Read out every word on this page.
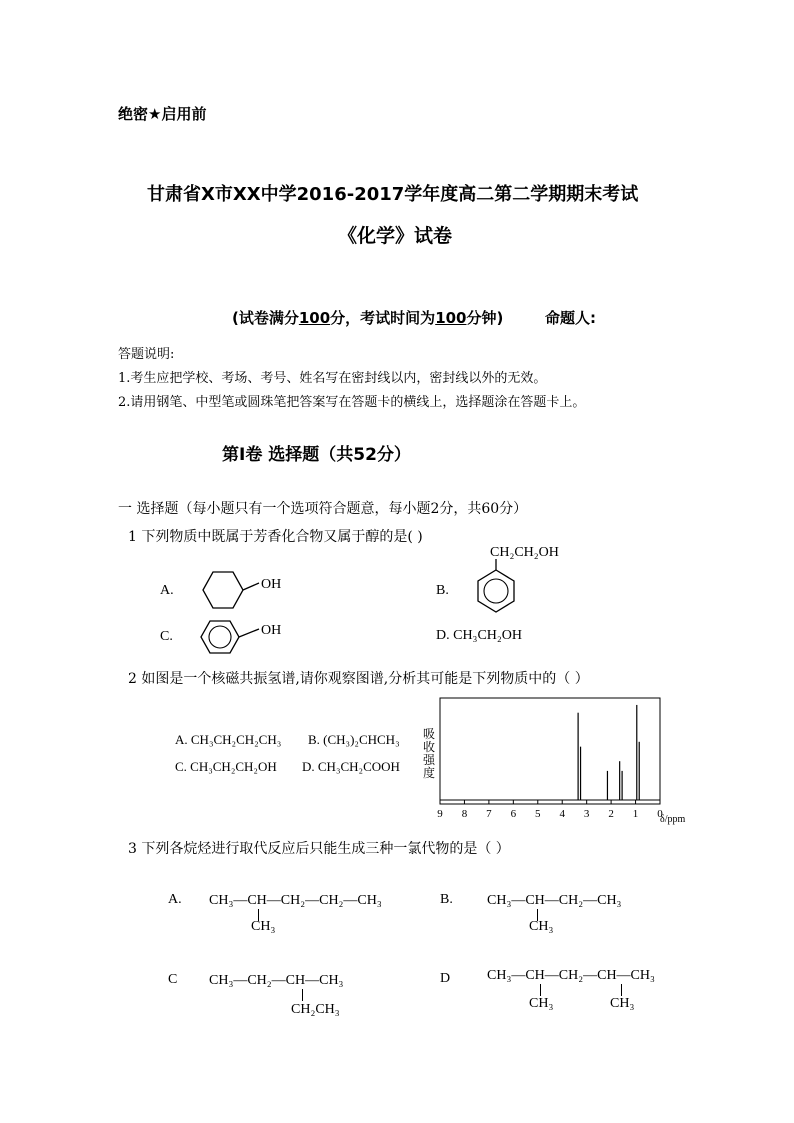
绝密★启用前
甘肃省X市XX中学2016-2017学年度高二第二学期期末考试
《化学》试卷
(试卷满分100分，考试时间为100分钟)	命题人:
答题说明:
1.考生应把学校、考场、考号、姓名写在密封线以内，密封线以外的无效。
2.请用钢笔、中型笔或圆珠笔把答案写在答题卡的横线上，选择题涂在答题卡上。
第Ⅰ卷 选择题（共52分）
一 选择题（每小题只有一个选项符合题意，每小题2分，共60分）
1 下列物质中既属于芳香化合物又属于醇的是( )
A.	OH	B.
CH₂CH₂OH
C.	OH	D. CH₃CH₂OH
2 如图是一个核磁共振氢谱,请你观察图谱,分析其可能是下列物质中的（ ）
A. CH₃CH₂CH₂CH₃ B. (CH₃)₂CHCH₃
C. CH₃CH₂CH₂OH D. CH₃CH₂COOH
吸
收
强
度
9 8 7 6 5 4 3 2 1 0
δ/ppm
3 下列各烷烃进行取代反应后只能生成三种一氯代物的是（ ）
A. CH₃—CH—CH₂—CH₂—CH₃
CH₃
B. CH₃—CH—CH₂—CH₃
CH₃
C CH₃—CH₂—CH—CH₃
CH₂CH₃
D	CH₃—CH—CH₂—CH—CH₃
CH₃	CH₃
